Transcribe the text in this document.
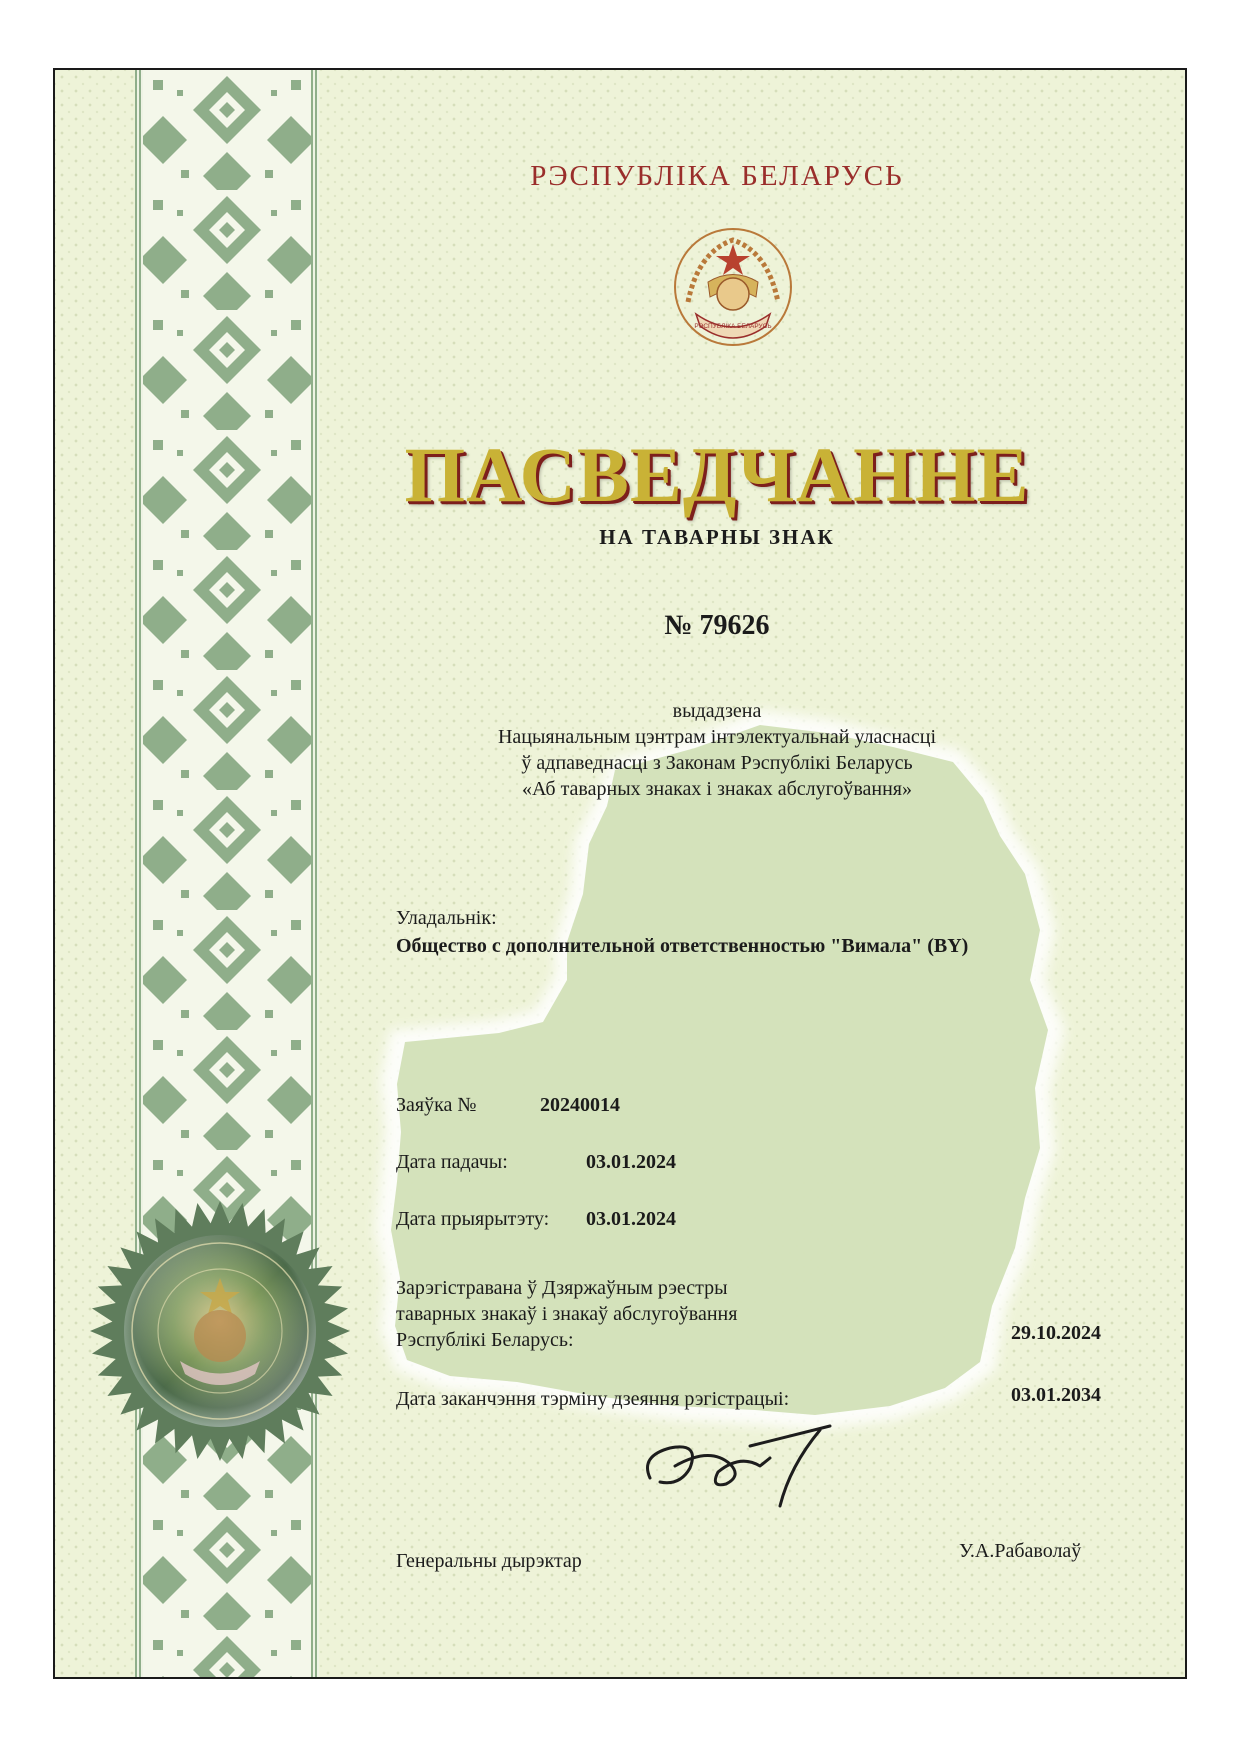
РЭСПУБЛІКА БЕЛАРУСЬ
РЭСПУБЛІКА БЕЛАРУСЬ
ПАСВЕДЧАННЕ
НА ТАВАРНЫ ЗНАК
№ 79626
выдадзена
Нацыянальным цэнтрам інтэлектуальнай уласнасці
ў адпаведнасці з Законам Рэспублікі Беларусь
«Аб таварных знаках і знаках абслугоўвання»
Уладальнік:
Общество с дополнительной ответственностью "Вимала" (BY)
Заяўка №	20240014
Дата падачы:	03.01.2024
Дата прыярытэту: 03.01.2024
Зарэгістравана ў Дзяржаўным рэестры
таварных знакаў і знакаў абслугоўвання
Рэспублікі Беларусь:	29.10.2024
Дата заканчэння тэрміну дзеяння рэгістрацыі:	03.01.2034
Генеральны дырэктар	У.А.Рабаволаў
